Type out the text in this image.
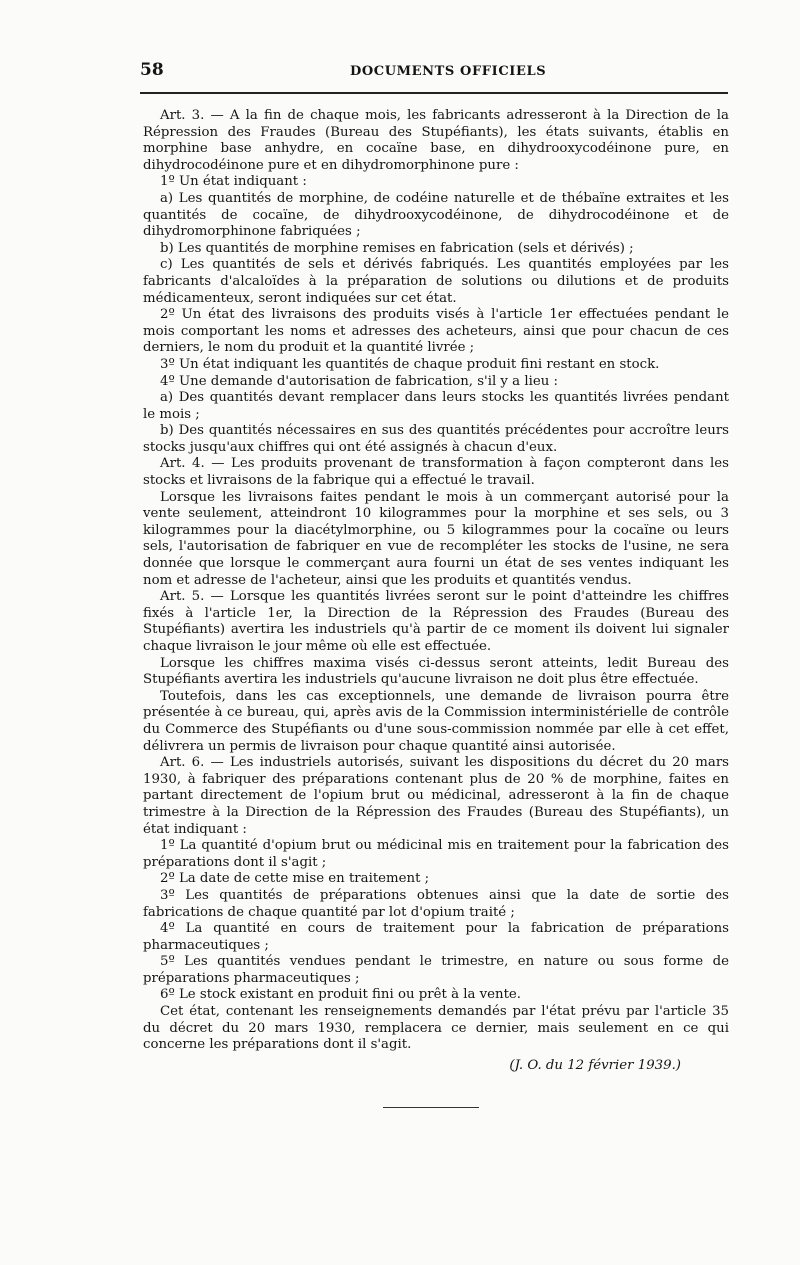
58	DOCUMENTS OFFICIELS

Art. 3. — A la fin de chaque mois, les fabricants adresseront à la Direction de la Répression des Fraudes (Bureau des Stupéfiants), les états suivants, établis en morphine base anhydre, en cocaïne base, en dihydrooxycodéinone pure, en dihydrocodéinone pure et en dihydromorphinone pure :

1º Un état indiquant :

a) Les quantités de morphine, de codéine naturelle et de thébaïne extraites et les quantités de cocaïne, de dihydrooxycodéinone, de dihydrocodéinone et de dihydromorphinone fabriquées ;

b) Les quantités de morphine remises en fabrication (sels et dérivés) ;

c) Les quantités de sels et dérivés fabriqués. Les quantités employées par les fabricants d'alcaloïdes à la préparation de solutions ou dilutions et de produits médicamenteux, seront indiquées sur cet état.

2º Un état des livraisons des produits visés à l'article 1er effectuées pendant le mois comportant les noms et adresses des acheteurs, ainsi que pour chacun de ces derniers, le nom du produit et la quantité livrée ;

3º Un état indiquant les quantités de chaque produit fini restant en stock.

4º Une demande d'autorisation de fabrication, s'il y a lieu :

a) Des quantités devant remplacer dans leurs stocks les quantités livrées pendant le mois ;

b) Des quantités nécessaires en sus des quantités précédentes pour accroître leurs stocks jusqu'aux chiffres qui ont été assignés à chacun d'eux.

Art. 4. — Les produits provenant de transformation à façon compteront dans les stocks et livraisons de la fabrique qui a effectué le travail.

Lorsque les livraisons faites pendant le mois à un commerçant autorisé pour la vente seulement, atteindront 10 kilogrammes pour la morphine et ses sels, ou 3 kilogrammes pour la diacétylmorphine, ou 5 kilogrammes pour la cocaïne ou leurs sels, l'autorisation de fabriquer en vue de recompléter les stocks de l'usine, ne sera donnée que lorsque le commerçant aura fourni un état de ses ventes indiquant les nom et adresse de l'acheteur, ainsi que les produits et quantités vendus.

Art. 5. — Lorsque les quantités livrées seront sur le point d'atteindre les chiffres fixés à l'article 1er, la Direction de la Répression des Fraudes (Bureau des Stupéfiants) avertira les industriels qu'à partir de ce moment ils doivent lui signaler chaque livraison le jour même où elle est effectuée.

Lorsque les chiffres maxima visés ci-dessus seront atteints, ledit Bureau des Stupéfiants avertira les industriels qu'aucune livraison ne doit plus être effectuée.

Toutefois, dans les cas exceptionnels, une demande de livraison pourra être présentée à ce bureau, qui, après avis de la Commission interministérielle de contrôle du Commerce des Stupéfiants ou d'une sous-commission nommée par elle à cet effet, délivrera un permis de livraison pour chaque quantité ainsi autorisée.

Art. 6. — Les industriels autorisés, suivant les dispositions du décret du 20 mars 1930, à fabriquer des préparations contenant plus de 20 % de morphine, faites en partant directement de l'opium brut ou médicinal, adresseront à la fin de chaque trimestre à la Direction de la Répression des Fraudes (Bureau des Stupéfiants), un état indiquant :

1º La quantité d'opium brut ou médicinal mis en traitement pour la fabrication des préparations dont il s'agit ;

2º La date de cette mise en traitement ;

3º Les quantités de préparations obtenues ainsi que la date de sortie des fabrications de chaque quantité par lot d'opium traité ;

4º La quantité en cours de traitement pour la fabrication de préparations pharmaceutiques ;

5º Les quantités vendues pendant le trimestre, en nature ou sous forme de préparations pharmaceutiques ;

6º Le stock existant en produit fini ou prêt à la vente.

Cet état, contenant les renseignements demandés par l'état prévu par l'article 35 du décret du 20 mars 1930, remplacera ce dernier, mais seulement en ce qui concerne les préparations dont il s'agit.

(J. O. du 12 février 1939.)
